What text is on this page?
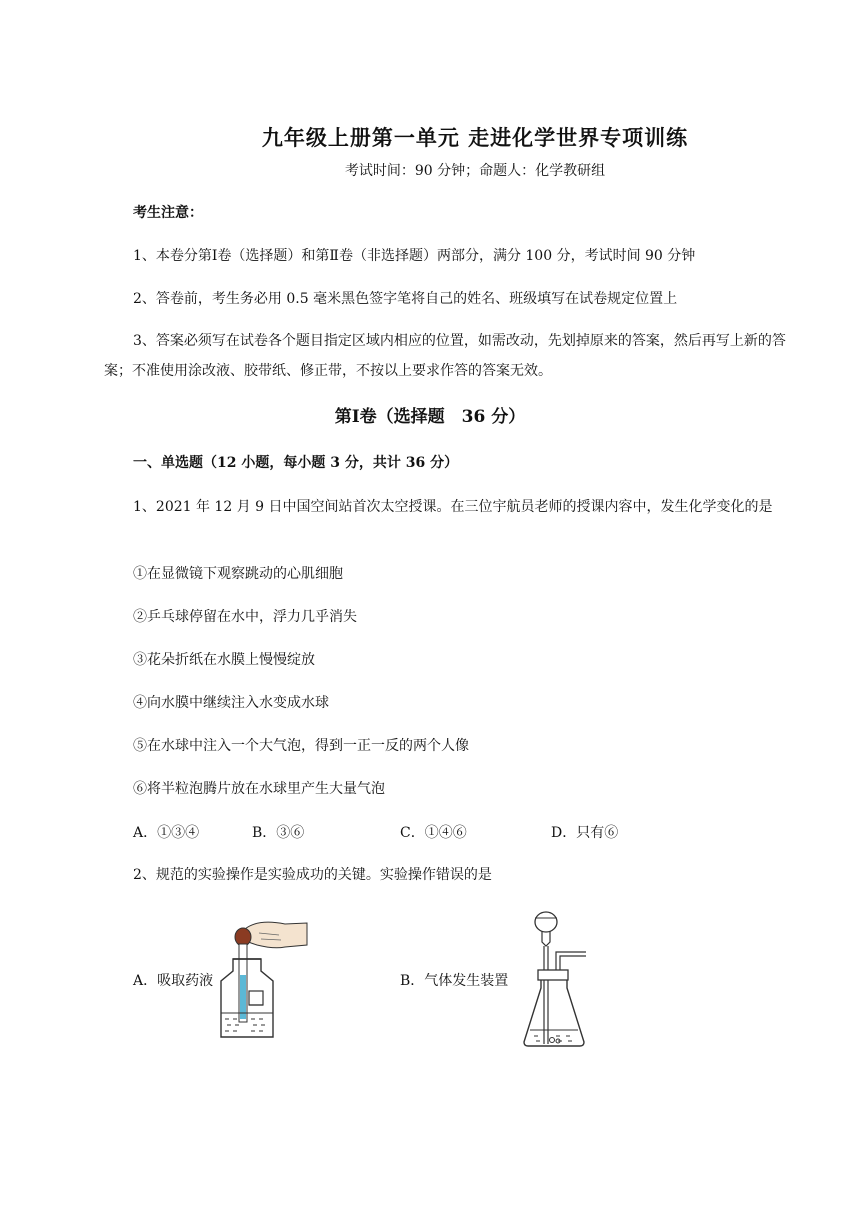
九年级上册第一单元 走进化学世界专项训练
考试时间：90 分钟；命题人：化学教研组
考生注意：
1、本卷分第Ⅰ卷（选择题）和第Ⅱ卷（非选择题）两部分，满分 100 分，考试时间 90 分钟
2、答卷前，考生务必用 0.5 毫米黑色签字笔将自己的姓名、班级填写在试卷规定位置上
3、答案必须写在试卷各个题目指定区域内相应的位置，如需改动，先划掉原来的答案，然后再写上新的答案；不准使用涂改液、胶带纸、修正带，不按以上要求作答的答案无效。
第Ⅰ卷（选择题　36 分）
一、单选题（12 小题，每小题 3 分，共计 36 分）
1、2021 年 12 月 9 日中国空间站首次太空授课。在三位宇航员老师的授课内容中，发生化学变化的是
①在显微镜下观察跳动的心肌细胞
②乒乓球停留在水中，浮力几乎消失
③花朵折纸在水膜上慢慢绽放
④向水膜中继续注入水变成水球
⑤在水球中注入一个大气泡，得到一正一反的两个人像
⑥将半粒泡腾片放在水球里产生大量气泡
A．①③④	B．③⑥	C．①④⑥	D．只有⑥
2、规范的实验操作是实验成功的关键。实验操作错误的是
A．吸取药液	B．气体发生装置
